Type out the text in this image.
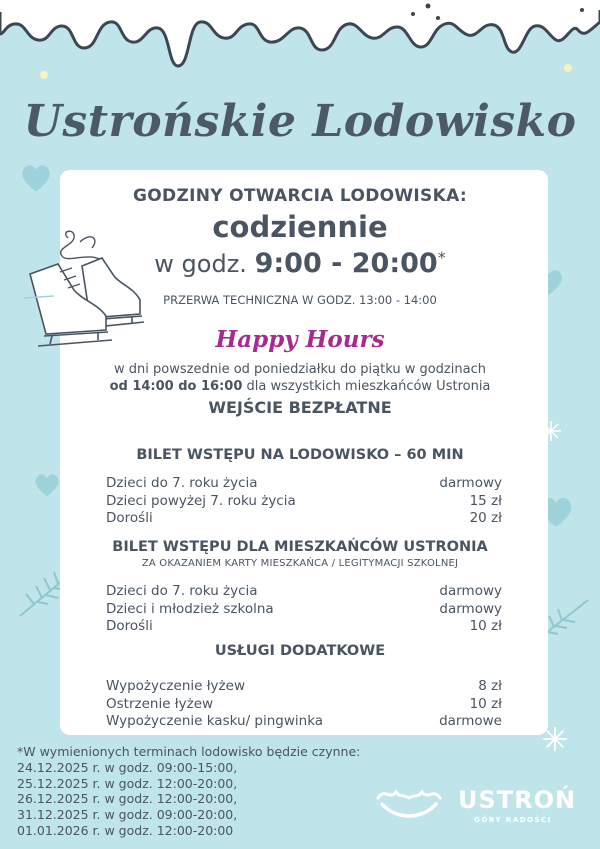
Ustrońskie Lodowisko
GODZINY OTWARCIA LODOWISKA:
codziennie
w godz. 9:00 - 20:00*
PRZERWA TECHNICZNA W GODZ. 13:00 - 14:00
Happy Hours
w dni powszednie od poniedziałku do piątku w godzinach
od 14:00 do 16:00 dla wszystkich mieszkańców Ustronia
WEJŚCIE BEZPŁATNE
BILET WSTĘPU NA LODOWISKO – 60 MIN
Dzieci do 7. roku życia	darmowy
Dzieci powyżej 7. roku życia	15 zł
Dorośli	20 zł
BILET WSTĘPU DLA MIESZKAŃCÓW USTRONIA
ZA OKAZANIEM KARTY MIESZKAŃCA / LEGITYMACJI SZKOLNEJ
Dzieci do 7. roku życia	darmowy
Dzieci i młodzież szkolna	darmowy
Dorośli	10 zł
USŁUGI DODATKOWE
Wypożyczenie łyżew	8 zł
Ostrzenie łyżew	10 zł
Wypożyczenie kasku/ pingwinka	darmowe
*W wymienionych terminach lodowisko będzie czynne:
24.12.2025 r. w godz. 09:00-15:00,
25.12.2025 r. w godz. 12:00-20:00,
26.12.2025 r. w godz. 12:00-20:00,
31.12.2025 r. w godz. 09:00-20:00,
01.01.2026 r. w godz. 12:00-20:00
USTROŃ
GÓRY RADOŚCI
